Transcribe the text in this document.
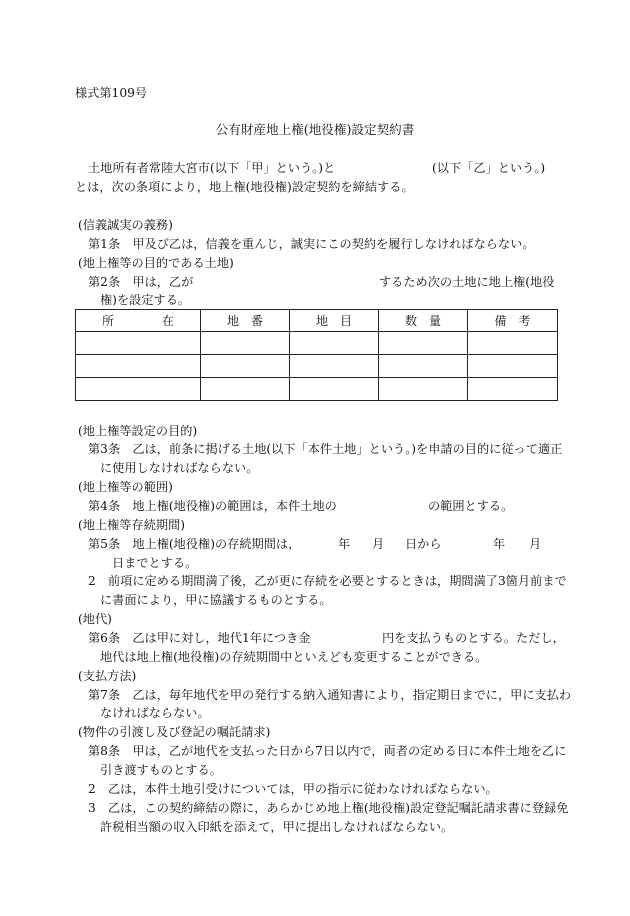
様式第109号
公有財産地上権(地役権)設定契約書
土地所有者常陸大宮市(以下「甲」という。)と	(以下「乙」という。)
とは，次の条項により，地上権(地役権)設定契約を締結する。
(信義誠実の義務)
第1条　甲及び乙は，信義を重んじ，誠実にこの契約を履行しなければならない。
(地上権等の目的である土地)
第2条　甲は，乙が	するため次の土地に地上権(地役
権)を設定する。
所　　　　在	地　番	地　目	数　量	備　考

(地上権等設定の目的)
第3条　乙は，前条に掲げる土地(以下「本件土地」という。)を申請の目的に従って適正
に使用しなければならない。
(地上権等の範囲)
第4条　地上権(地役権)の範囲は，本件土地の	の範囲とする。
(地上権等存続期間)
第5条　地上権(地役権)の存続期間は，	年 月 日から	年 月
日までとする。
2　前項に定める期間満了後，乙が更に存続を必要とするときは，期間満了3箇月前まで
に書面により，甲に協議するものとする。
(地代)
第6条　乙は甲に対し，地代1年につき金	円を支払うものとする。ただし，
地代は地上権(地役権)の存続期間中といえども変更することができる。
(支払方法)
第7条　乙は，毎年地代を甲の発行する納入通知書により，指定期日までに，甲に支払わ
なければならない。
(物件の引渡し及び登記の嘱託請求)
第8条　甲は，乙が地代を支払った日から7日以内で，両者の定める日に本件土地を乙に
引き渡すものとする。
2　乙は，本件土地引受けについては，甲の指示に従わなければならない。
3　乙は，この契約締結の際に，あらかじめ地上権(地役権)設定登記嘱託請求書に登録免
許税相当額の収入印紙を添えて，甲に提出しなければならない。
